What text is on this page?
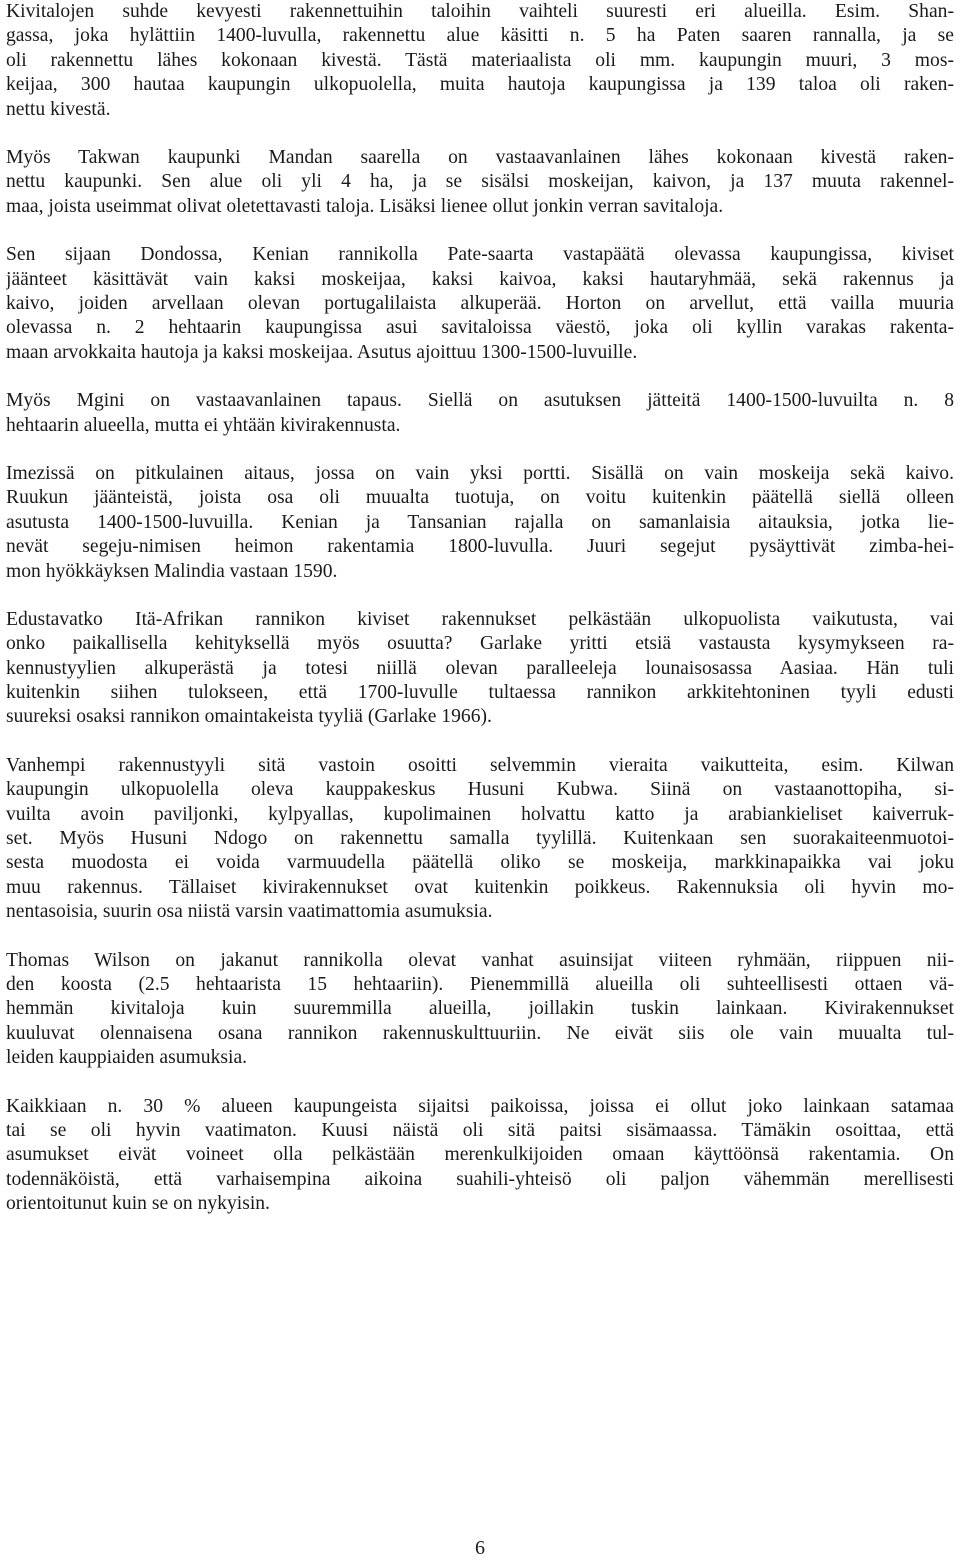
Kivitalojen suhde kevyesti rakennettuihin taloihin vaihteli suuresti eri alueilla. Esim. Shan-
gassa, joka hylättiin 1400-luvulla, rakennettu alue käsitti n. 5 ha Paten saaren rannalla, ja se
oli rakennettu lähes kokonaan kivestä. Tästä materiaalista oli mm. kaupungin muuri, 3 mos-
keijaa, 300 hautaa kaupungin ulkopuolella, muita hautoja kaupungissa ja 139 taloa oli raken-
nettu kivestä.
Myös Takwan kaupunki Mandan saarella on vastaavanlainen lähes kokonaan kivestä raken-
nettu kaupunki. Sen alue oli yli 4 ha, ja se sisälsi moskeijan, kaivon, ja 137 muuta rakennel-
maa, joista useimmat olivat oletettavasti taloja. Lisäksi lienee ollut jonkin verran savitaloja.
Sen sijaan Dondossa, Kenian rannikolla Pate-saarta vastapäätä olevassa kaupungissa, kiviset
jäänteet käsittävät vain kaksi moskeijaa, kaksi kaivoa, kaksi hautaryhmää, sekä rakennus ja
kaivo, joiden arvellaan olevan portugalilaista alkuperää. Horton on arvellut, että vailla muuria
olevassa n. 2 hehtaarin kaupungissa asui savitaloissa väestö, joka oli kyllin varakas rakenta-
maan arvokkaita hautoja ja kaksi moskeijaa. Asutus ajoittuu 1300-1500-luvuille.
Myös Mgini on vastaavanlainen tapaus. Siellä on asutuksen jätteitä 1400-1500-luvuilta n. 8
hehtaarin alueella, mutta ei yhtään kivirakennusta.
Imezissä on pitkulainen aitaus, jossa on vain yksi portti. Sisällä on vain moskeija sekä kaivo.
Ruukun jäänteistä, joista osa oli muualta tuotuja, on voitu kuitenkin päätellä siellä olleen
asutusta 1400-1500-luvuilla. Kenian ja Tansanian rajalla on samanlaisia aitauksia, jotka lie-
nevät segeju-nimisen heimon rakentamia 1800-luvulla. Juuri segejut pysäyttivät zimba-hei-
mon hyökkäyksen Malindia vastaan 1590.
Edustavatko Itä-Afrikan rannikon kiviset rakennukset pelkästään ulkopuolista vaikutusta, vai
onko paikallisella kehityksellä myös osuutta? Garlake yritti etsiä vastausta kysymykseen ra-
kennustyylien alkuperästä ja totesi niillä olevan paralleeleja lounaisosassa Aasiaa. Hän tuli
kuitenkin siihen tulokseen, että 1700-luvulle tultaessa rannikon arkkitehtoninen tyyli edusti
suureksi osaksi rannikon omaintakeista tyyliä (Garlake 1966).
Vanhempi rakennustyyli sitä vastoin osoitti selvemmin vieraita vaikutteita, esim. Kilwan
kaupungin ulkopuolella oleva kauppakeskus Husuni Kubwa. Siinä on vastaanottopiha, si-
vuilta avoin paviljonki, kylpyallas, kupolimainen holvattu katto ja arabiankieliset kaiverruk-
set. Myös Husuni Ndogo on rakennettu samalla tyylillä. Kuitenkaan sen suorakaiteenmuotoi-
sesta muodosta ei voida varmuudella päätellä oliko se moskeija, markkinapaikka vai joku
muu rakennus. Tällaiset kivirakennukset ovat kuitenkin poikkeus. Rakennuksia oli hyvin mo-
nentasoisia, suurin osa niistä varsin vaatimattomia asumuksia.
Thomas Wilson on jakanut rannikolla olevat vanhat asuinsijat viiteen ryhmään, riippuen nii-
den koosta (2.5 hehtaarista 15 hehtaariin). Pienemmillä alueilla oli suhteellisesti ottaen vä-
hemmän kivitaloja kuin suuremmilla alueilla, joillakin tuskin lainkaan. Kivirakennukset
kuuluvat olennaisena osana rannikon rakennuskulttuuriin. Ne eivät siis ole vain muualta tul-
leiden kauppiaiden asumuksia.
Kaikkiaan n. 30 % alueen kaupungeista sijaitsi paikoissa, joissa ei ollut joko lainkaan satamaa
tai se oli hyvin vaatimaton. Kuusi näistä oli sitä paitsi sisämaassa. Tämäkin osoittaa, että
asumukset eivät voineet olla pelkästään merenkulkijoiden omaan käyttöönsä rakentamia. On
todennäköistä, että varhaisempina aikoina suahili-yhteisö oli paljon vähemmän merellisesti
orientoitunut kuin se on nykyisin.
6
